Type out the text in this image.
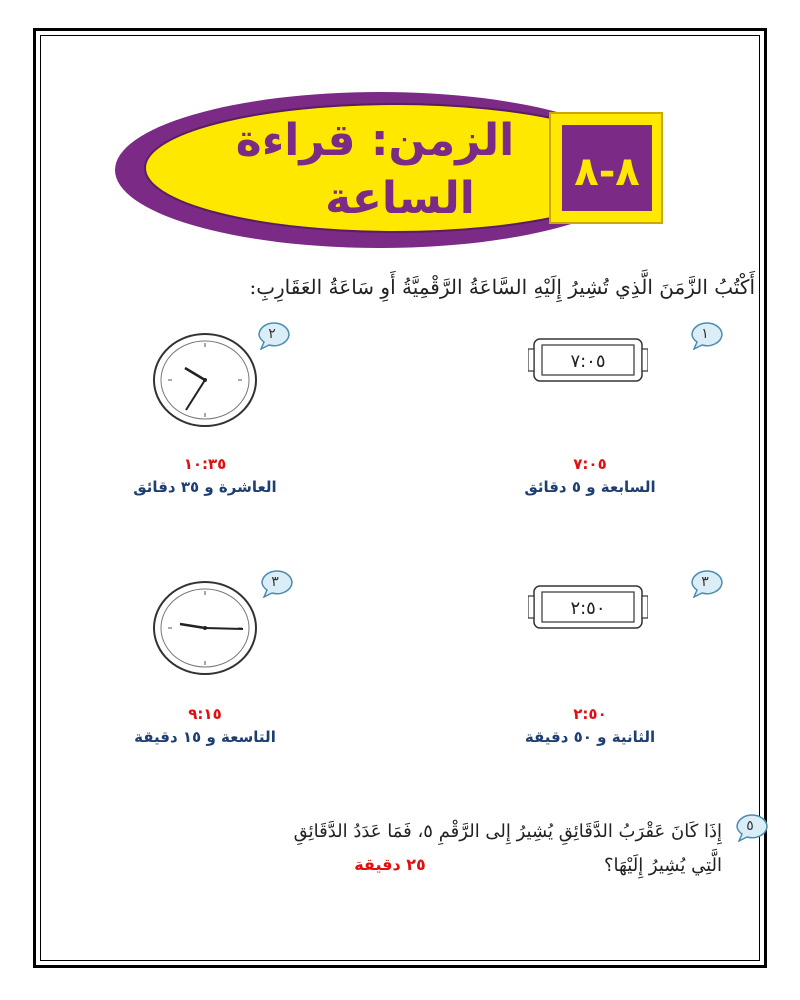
٨-٨
الزمن: قراءة
الساعة
أَكْتُبُ الزَّمَنَ الَّذِي تُشِيرُ إِلَيْهِ السَّاعَةُ الرَّقْمِيَّةُ أَوِ سَاعَةُ العَقَارِبِ:
١
٧:٠٥
٧:٠٥
السابعة و ٥ دقائق
٢
١٠:٣٥
العاشرة و ٣٥ دقائق
٣
٢:٥٠
٢:٥٠
الثانية و ٥٠ دقيقة
٣
٩:١٥
التاسعة و ١٥ دقيقة
٥
إِذَا كَانَ عَقْرَبُ الدَّقَائِقِ يُشِيرُ إِلى الرَّقْمِ ٥، فَمَا عَدَدُ الدَّقَائِقِ
الَّتِي يُشِيرُ إِلَيْهَا؟
٢٥ دقيقة
